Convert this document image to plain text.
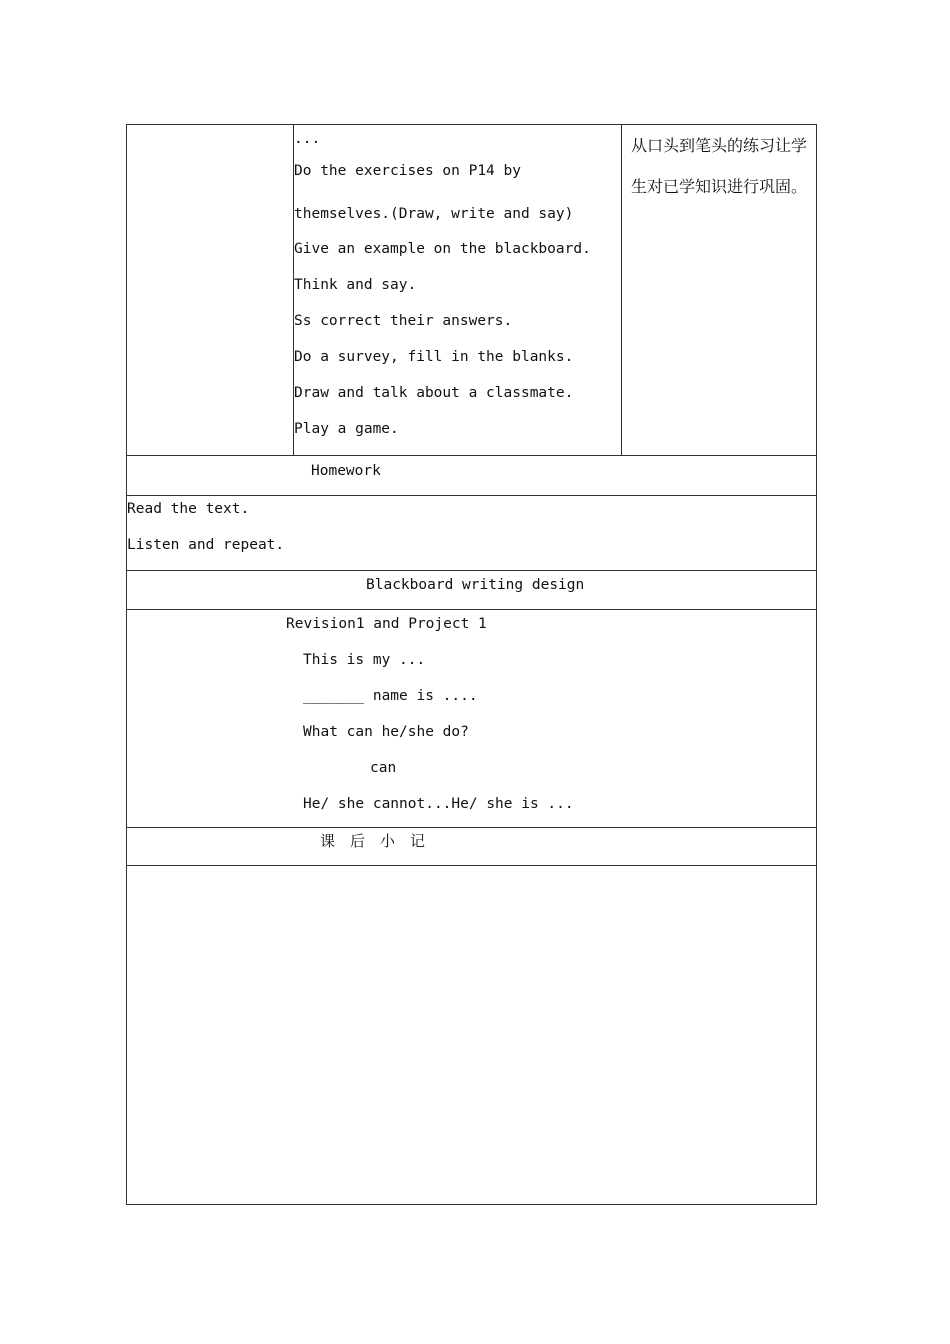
...
Do the exercises on P14 by
themselves.(Draw, write and say)
Give an example on the blackboard.
Think and say.
Ss correct their answers.
Do a survey, fill in the blanks.
Draw and talk about a classmate.
Play a game.

从口头到笔头的练习让学生对已学知识进行巩固。

Homework

Read the text.
Listen and repeat.

Blackboard writing design

Revision1 and Project 1
This is my ...
_______ name is ....
What can he/she do?
can
He/ she cannot...He/ she is ...

课　后　小　记
